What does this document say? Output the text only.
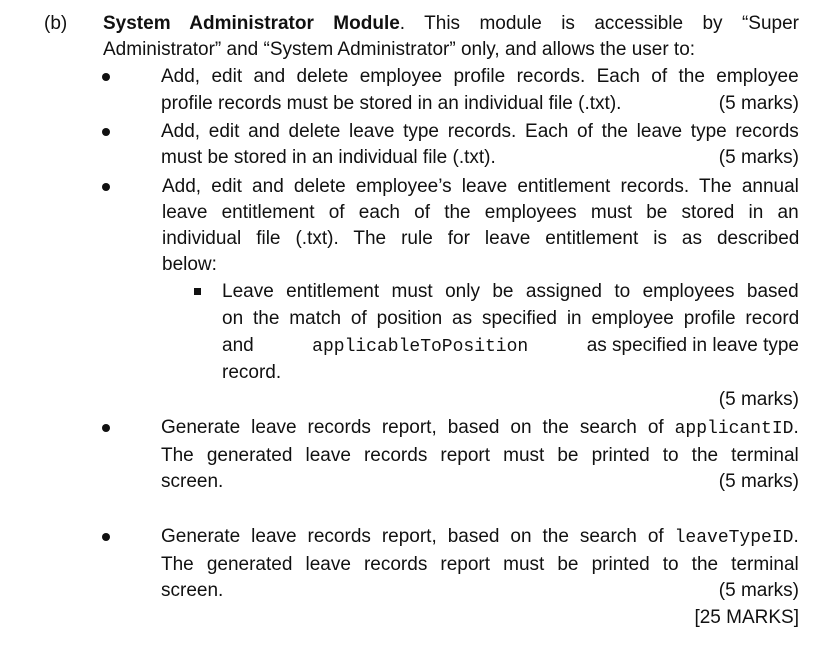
(b) System Administrator Module. This module is accessible by “Super
Administrator” and “System Administrator” only, and allows the user to:
Add, edit and delete employee profile records. Each of the employee
profile records must be stored in an individual file (.txt).	(5 marks)
Add, edit and delete leave type records. Each of the leave type records
must be stored in an individual file (.txt).	(5 marks)
Add, edit and delete employee’s leave entitlement records. The annual
leave entitlement of each of the employees must be stored in an
individual file (.txt). The rule for leave entitlement is as described
below:
Leave entitlement must only be assigned to employees based
on the match of position as specified in employee profile record
and	applicableToPosition	as specified in leave type
record.
(5 marks)
Generate leave records report, based on the search of applicantID.
The generated leave records report must be printed to the terminal
screen.	(5 marks)
Generate leave records report, based on the search of leaveTypeID.
The generated leave records report must be printed to the terminal
screen.	(5 marks)
[25 MARKS]
